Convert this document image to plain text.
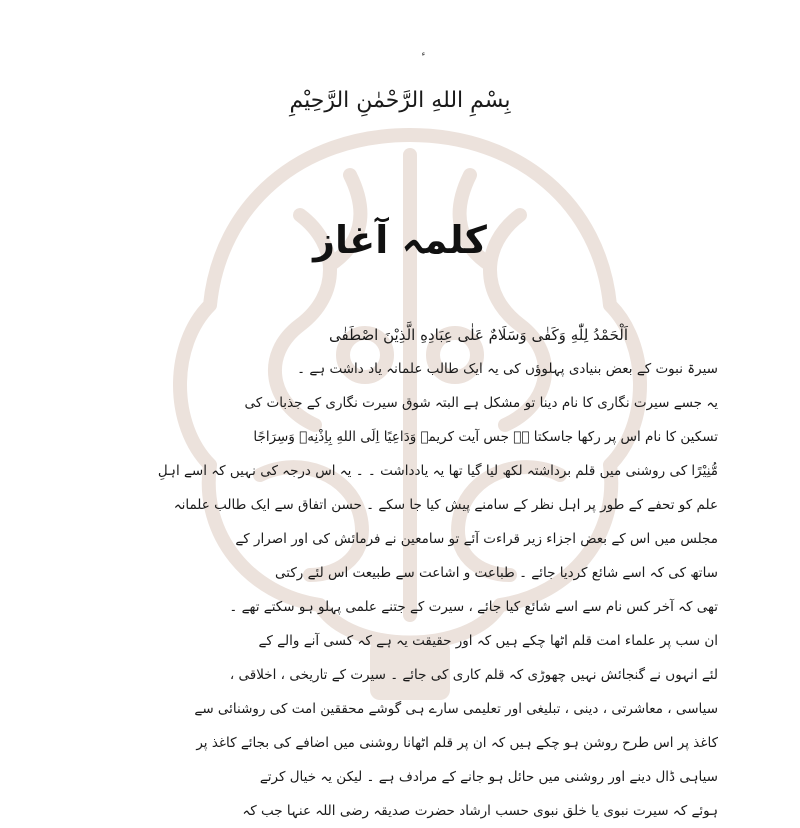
بِسْمِ اللهِ الرَّحْمٰنِ الرَّحِیْمِ
کلمہ آغاز
اَلْحَمْدُ لِلّٰهِ وَکَفٰی وَسَلَامٌ عَلٰی عِبَادِهِ الَّذِیْنَ اصْطَفٰی
سیرۃ نبوت کے بعض بنیادی پہلوؤں کی یہ ایک طالب علمانہ یاد داشت ہے ۔
یہ جسے سیرت نگاری کا نام دینا تو مشکل ہے البتہ شوق سیرت نگاری کے جذبات کی
تسکین کا نام اس پر رکھا جاسکتا ہے جس آیت کریمہ وَدَاعِیًا اِلَی اللهِ بِاِذْنِهٖ وَسِرَاجًا
مُّنِیْرًا کی روشنی میں قلم برداشتہ لکھ لیا گیا تھا یہ یادداشت ۔ ۔ یہ اس درجہ کی نہیں کہ اسے اہلِ
علم کو تحفے کے طور پر اہل نظر کے سامنے پیش کیا جا سکے ۔ حسن اتفاق سے ایک طالب علمانہ
مجلس میں اس کے بعض اجزاء زیر قراءت آئے تو سامعین نے فرمائش کی اور اصرار کے
ساتھ کی کہ اسے شائع کردیا جائے ۔ طباعت و اشاعت سے طبیعت اس لئے رکتی
تھی کہ آخر کس نام سے اسے شائع کیا جائے ، سیرت کے جتنے علمی پہلو ہو سکتے تھے ۔
ان سب پر علماء امت قلم اٹھا چکے ہیں کہ اور حقیقت یہ ہے کہ کسی آنے والے کے
لئے انہوں نے گنجائش نہیں چھوڑی کہ قلم کاری کی جائے ۔ سیرت کے تاریخی ، اخلاقی ،
سیاسی ، معاشرتی ، دینی ، تبلیغی اور تعلیمی سارے ہی گوشے محققین امت کی روشنائی سے
کاغذ پر اس طرح روشن ہو چکے ہیں کہ ان پر قلم اٹھانا روشنی میں اضافے کی بجائے کاغذ پر
سیاہی ڈال دینے اور روشنی میں حائل ہو جانے کے مرادف ہے ۔ لیکن یہ خیال کرتے
ہوئے کہ سیرت نبوی یا خلق نبوی حسب ارشاد حضرت صدیقہ رضی اللہ عنہا جب کہ
